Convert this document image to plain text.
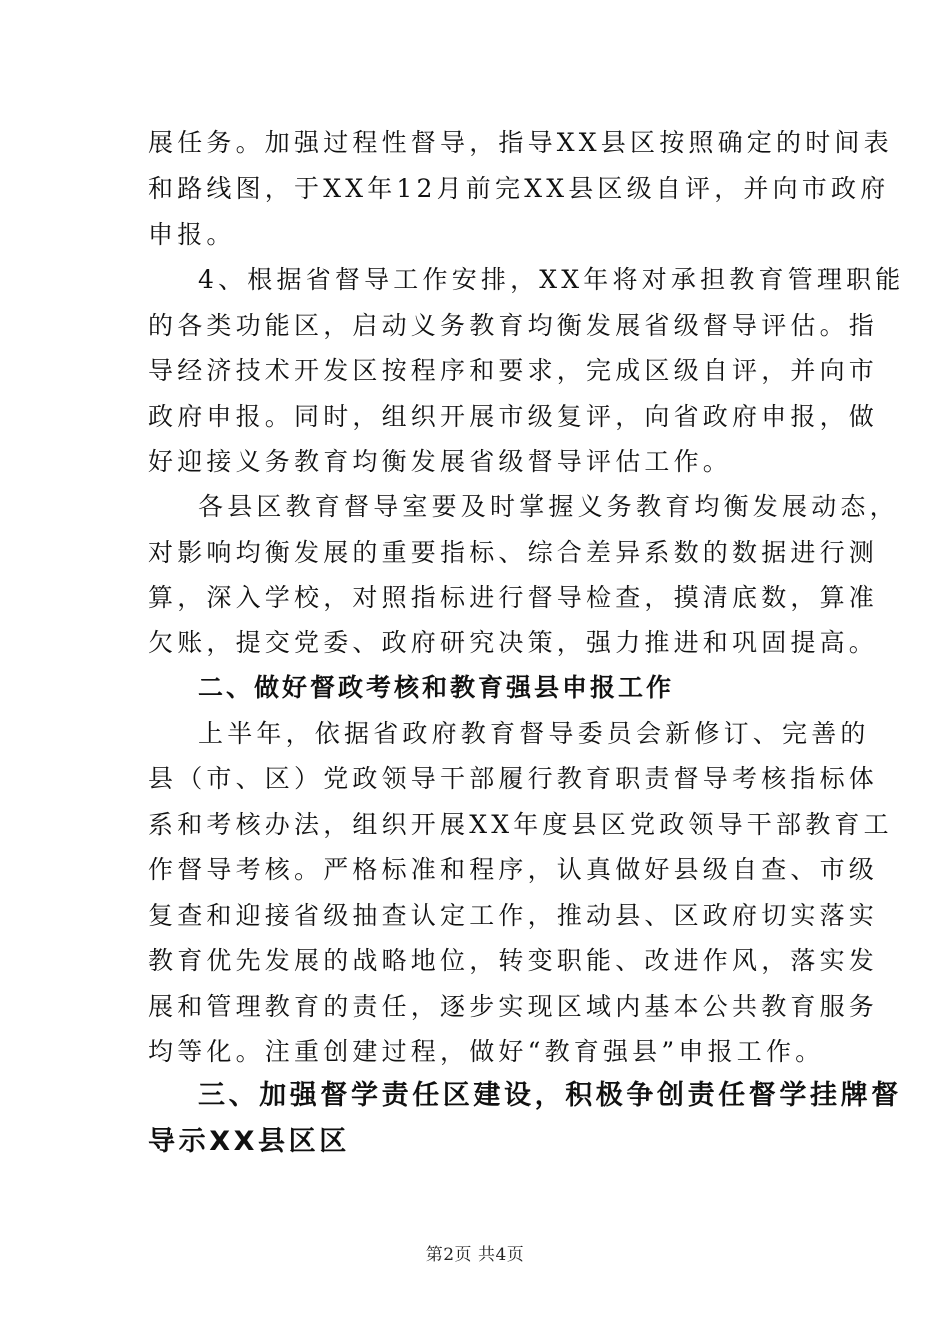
展任务。加强过程性督导，指导XX县区按照确定的时间表
和路线图，于XX年12月前完XX县区级自评，并向市政府
申报。
4、根据省督导工作安排，XX年将对承担教育管理职能
的各类功能区，启动义务教育均衡发展省级督导评估。指
导经济技术开发区按程序和要求，完成区级自评，并向市
政府申报。同时，组织开展市级复评，向省政府申报，做
好迎接义务教育均衡发展省级督导评估工作。
各县区教育督导室要及时掌握义务教育均衡发展动态，
对影响均衡发展的重要指标、综合差异系数的数据进行测
算，深入学校，对照指标进行督导检查，摸清底数，算准
欠账，提交党委、政府研究决策，强力推进和巩固提高。
二、做好督政考核和教育强县申报工作
上半年，依据省政府教育督导委员会新修订、完善的
县（市、区）党政领导干部履行教育职责督导考核指标体
系和考核办法，组织开展XX年度县区党政领导干部教育工
作督导考核。严格标准和程序，认真做好县级自查、市级
复查和迎接省级抽查认定工作，推动县、区政府切实落实
教育优先发展的战略地位，转变职能、改进作风，落实发
展和管理教育的责任，逐步实现区域内基本公共教育服务
均等化。注重创建过程，做好“教育强县”申报工作。
三、加强督学责任区建设，积极争创责任督学挂牌督
导示XX县区区
第2页 共4页
